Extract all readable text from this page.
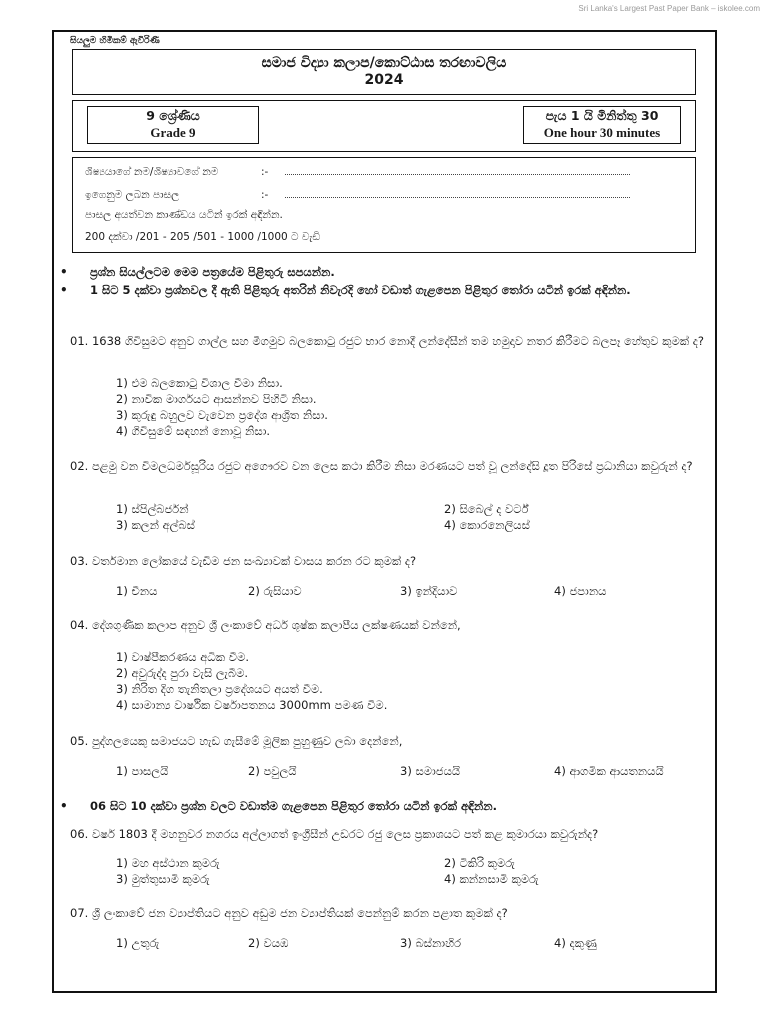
Sri Lanka's Largest Past Paper Bank – iskolee.com
සියලුම හිමිකම් ඇවිරිණි
සමාජ විද්‍යා කලාප/කොට්ඨාස තරඟාවලිය
2024
9 ශ්‍රේණිය
Grade 9
පැය 1 යි මිනිත්තු 30
One hour 30 minutes
ශිෂ්‍යයාගේ නම/ශිෂ්‍යාවගේ නම	:-
ඉගෙනුම ලබන පාසල	:-
පාසල අයත්වන කාණ්ඩය යටින් ඉරක් අඳින්න.
200 දක්වා /201 - 205 /501 - 1000 /1000 ට වැඩි
•	ප්‍රශ්න සියල්ලටම මෙම පත්‍රයේම පිළිතුරු සපයන්න.
•	1 සිට 5 දක්වා ප්‍රශ්නවල දී ඇති පිළිතුරු අතරින් නිවැරදි හෝ වඩාත් ගැළපෙන පිළිතුර තෝරා යටින් ඉරක් අඳින්න.
01. 1638 ගිවිසුමට අනුව ගාල්ල සහ මීගමුව බලකොටු රජුට භාර නොදී ලන්දේසීන් තම හමුදාව නතර කිරීමට බලපෑ හේතුව කුමක් ද?
1) එම බලකොටු විශාල වීමා නිසා.
2) නාවික මාර්ගයට ආසන්නව පිහිටි නිසා.
3) කුරුඳු බහුලව වැවෙන ප්‍රදේශ ආශ්‍රිත නිසා.
4) ගිවිසුමේ සඳහන් නොවූ නිසා.
02. පළමු වන විමලධර්මසූරිය රජුට අගෞරව වන ලෙස කථා කිරීම නිසා මරණයට පත් වූ ලන්දේසි දූත පිරිසේ ප්‍රධානියා කවුරුන් ද?
1) ස්පිල්බර්ජන්	2) සිබෙල් ද වර්ට්
3) කලන් අල්බස්	4) කොරනෙලියස්
03. වර්තමාන ලෝකයේ වැඩිම ජන සංඛ්‍යාවක් වාසය කරන රට කුමක් ද?
1) චීනය	2) රුසියාව	3) ඉන්දියාව	4) ජපානය
04. දේශගුණික කලාප අනුව ශ්‍රී ලංකාවේ අර්ධ ශුෂ්ක කලාපීය ලක්ෂණයක් වන්නේ,
1) වාෂ්පීකරණය අධික වීම.
2) අවුරුද්ද පුරා වැසි ලැබීම.
3) නිරිත දිග තැනිතලා ප්‍රදේශයට අයත් වීම.
4) සාමාන්‍ය වාර්ෂික වර්ෂාපතනය 3000mm පමණ වීම.
05. පුද්ගලයෙකු සමාජයට හැඩ ගැසීමේ මූලික පුහුණුව ලබා දෙන්නේ,
1) පාසලයි	2) පවුලයි	3) සමාජයයි	4) ආගමික ආයතනයයි
•	06 සිට 10 දක්වා ප්‍රශ්න වලට වඩාත්ම ගැළපෙන පිළිතුර තෝරා යටින් ඉරක් අඳින්න.
06. වර්ෂ 1803 දී මහනුවර නගරය අල්ලාගත් ඉංග්‍රීසීන් උඩරට රජු ලෙස ප්‍රකාශයට පත් කළ කුමාරයා කවුරුන්ද?
1) මහ අස්ථාන කුමරු	2) ටිකිරි කුමරු
3) මුත්තුසාමි කුමරු	4) කන්නසාමි කුමරු
07. ශ්‍රී ලංකාවේ ජන ව්‍යාප්තියට අනුව අඩුම ජන ව්‍යාප්තියක් පෙන්නුම් කරන පළාත කුමක් ද?
1) උතුරු	2) වයඹ	3) බස්නාහිර	4) දකුණු
